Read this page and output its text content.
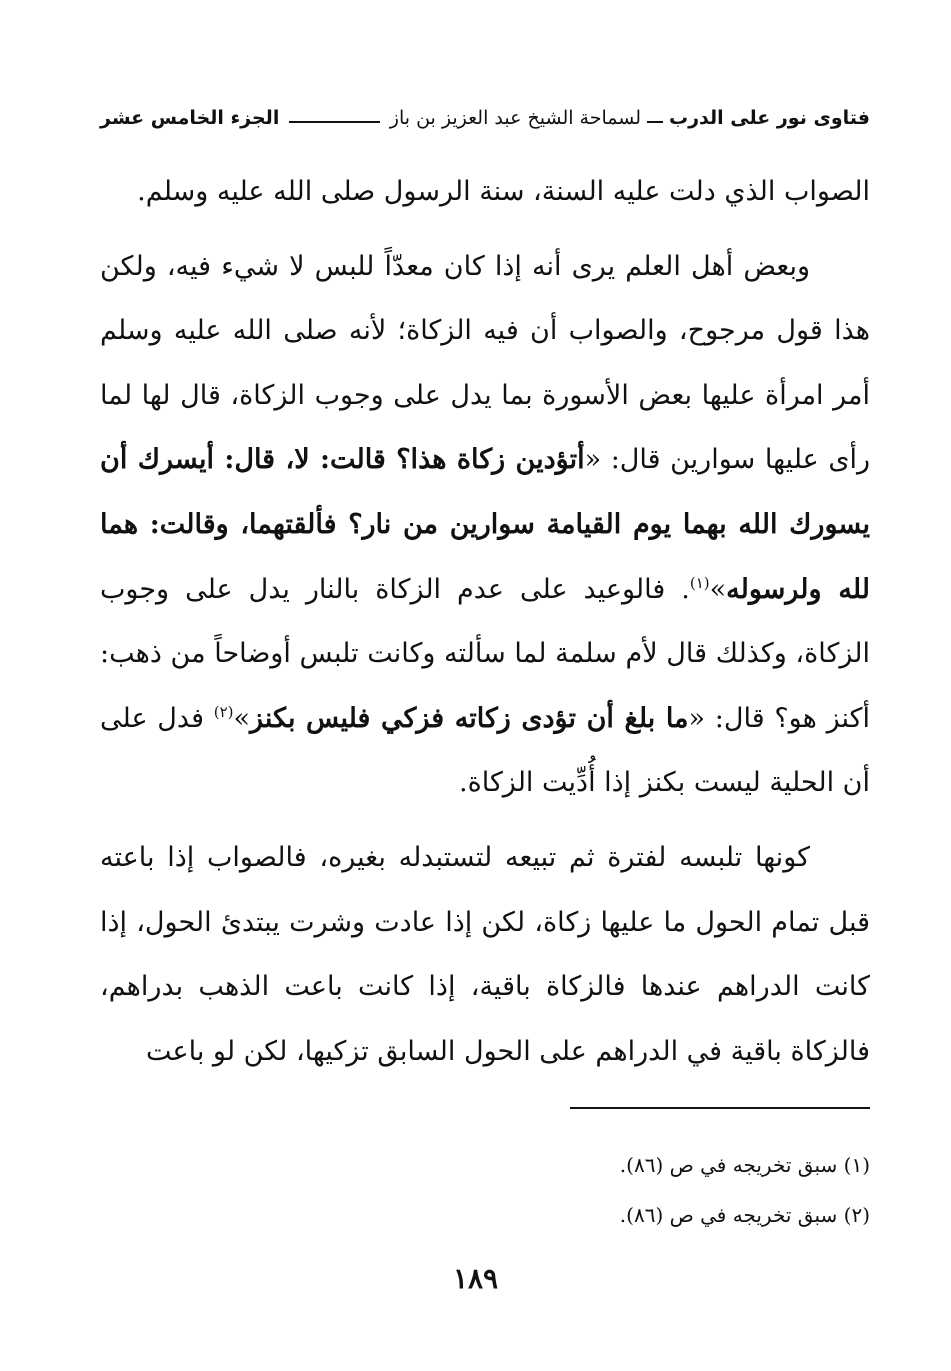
فتاوى نور على الدرب
لسماحة الشيخ عبد العزيز بن باز
الجزء الخامس عشر

الصواب الذي دلت عليه السنة، سنة الرسول صلى الله عليه وسلم.

وبعض أهل العلم يرى أنه إذا كان معدّاً للبس لا شيء فيه، ولكن هذا قول مرجوح، والصواب أن فيه الزكاة؛ لأنه صلى الله عليه وسلم أمر امرأة عليها بعض الأسورة بما يدل على وجوب الزكاة، قال لها لما رأى عليها سوارين قال: «أتؤدين زكاة هذا؟ قالت: لا، قال: أيسرك أن يسورك الله بهما يوم القيامة سوارين من نار؟ فألقتهما، وقالت: هما لله ولرسوله»$^{(١)}$. فالوعيد على عدم الزكاة بالنار يدل على وجوب الزكاة، وكذلك قال لأم سلمة لما سألته وكانت تلبس أوضاحاً من ذهب: أكنز هو؟ قال: «ما بلغ أن تؤدى زكاته فزكي فليس بكنز»$^{(٢)}$ فدل على أن الحلية ليست بكنز إذا أُدِّيت الزكاة.

كونها تلبسه لفترة ثم تبيعه لتستبدله بغيره، فالصواب إذا باعته قبل تمام الحول ما عليها زكاة، لكن إذا عادت وشرت يبتدئ الحول، إذا كانت الدراهم عندها فالزكاة باقية، إذا كانت باعت الذهب بدراهم، فالزكاة باقية في الدراهم على الحول السابق تزكيها، لكن لو باعت

(١) سبق تخريجه في ص (٨٦).
(٢) سبق تخريجه في ص (٨٦).
١٨٩
